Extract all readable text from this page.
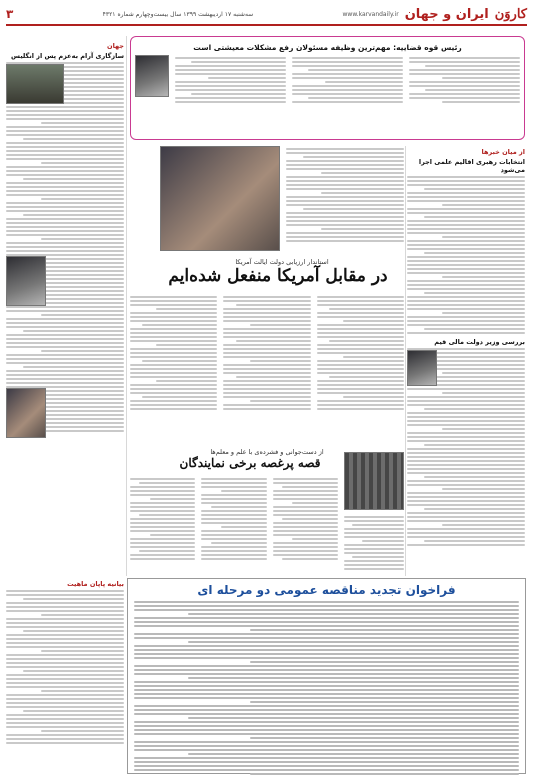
کاروَن
ایران و جهان
www.karvandaily.ir
سه‌شنبه ۱۷ اردیبهشت ۱۳۹۹ سال بیست‌وچهارم شماره ۴۳۲۱
۳
رئیس قوه قضاییه: مهم‌ترین وظیفه مسئولان رفع مشکلات معیشتی است
جهان
سازگاری آرام به‌عزم پس از انگلیس
از میان خبرها
انتخابات رهبری اقالیم علمی اجرا می‌شود
بررسی وزیر دولت مالی قیم
استاندار ارزیابی دولت ایالت آمریکا
در مقابل آمریکا منفعل شده‌ایم
از دست‌جوانی و فشرده‌ی با علم و معلم‌ها
قصه پرغصه برخی نمایندگان
بیانیه پاپان ماهیت	فراخوان تجدید مناقصه عمومی دو مرحله ای
